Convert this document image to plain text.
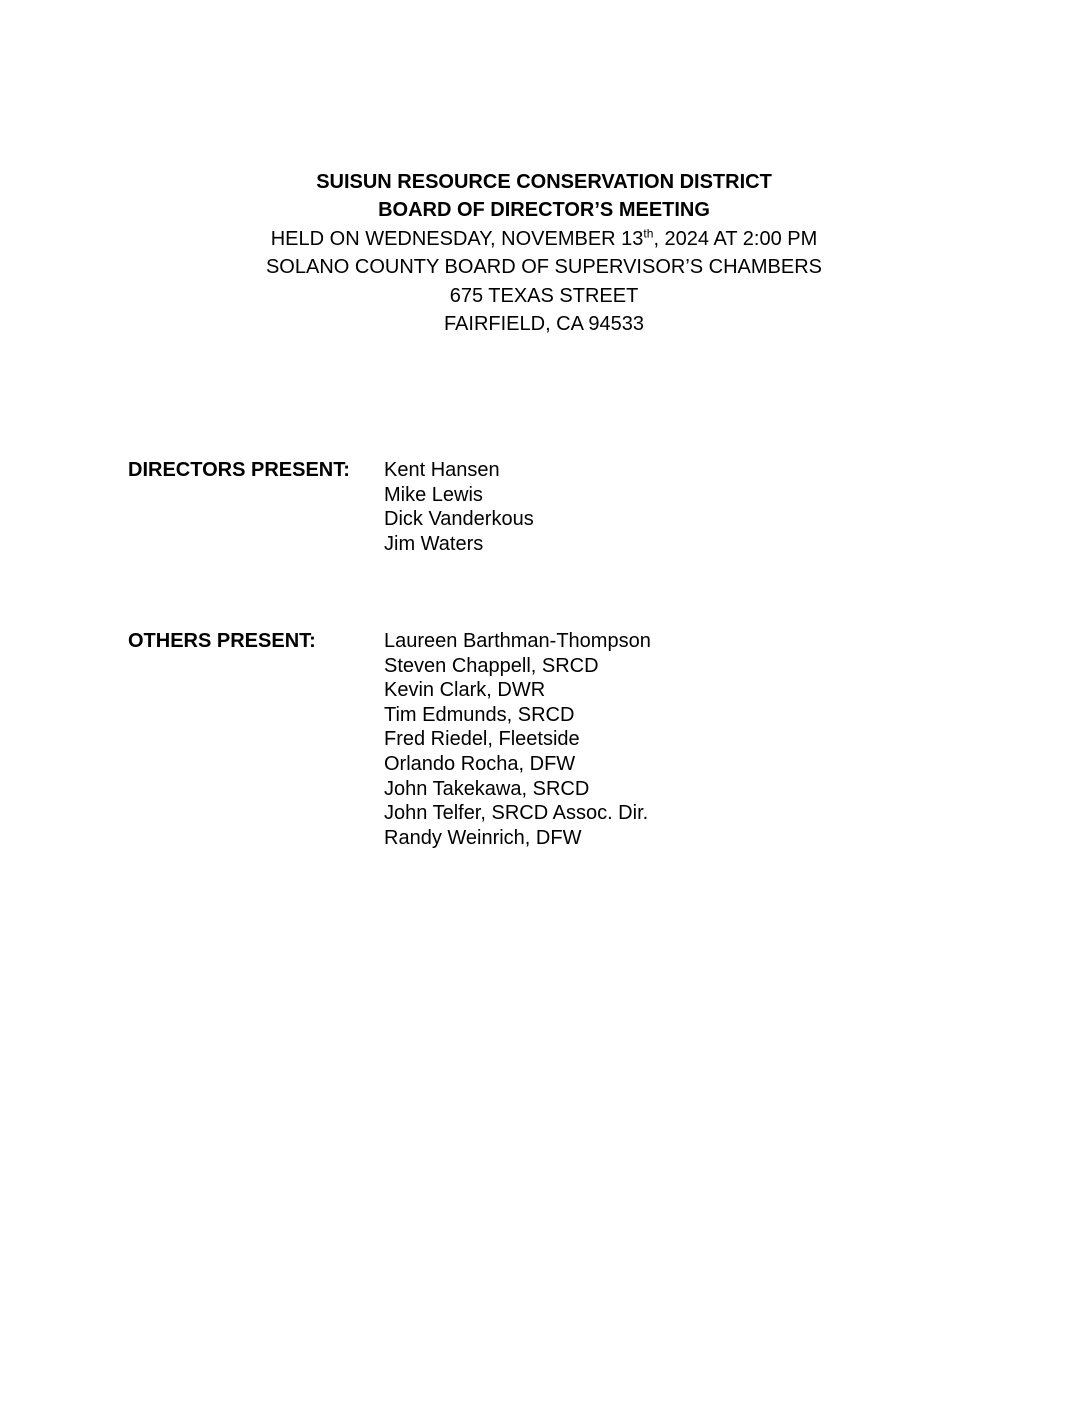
SUISUN RESOURCE CONSERVATION DISTRICT
BOARD OF DIRECTOR’S MEETING
HELD ON WEDNESDAY, NOVEMBER 13th, 2024 AT 2:00 PM
SOLANO COUNTY BOARD OF SUPERVISOR’S CHAMBERS
675 TEXAS STREET
FAIRFIELD, CA 94533
DIRECTORS PRESENT: Kent Hansen
Mike Lewis
Dick Vanderkous
Jim Waters
OTHERS PRESENT:	Laureen Barthman-Thompson
Steven Chappell, SRCD
Kevin Clark, DWR
Tim Edmunds, SRCD
Fred Riedel, Fleetside
Orlando Rocha, DFW
John Takekawa, SRCD
John Telfer, SRCD Assoc. Dir.
Randy Weinrich, DFW
